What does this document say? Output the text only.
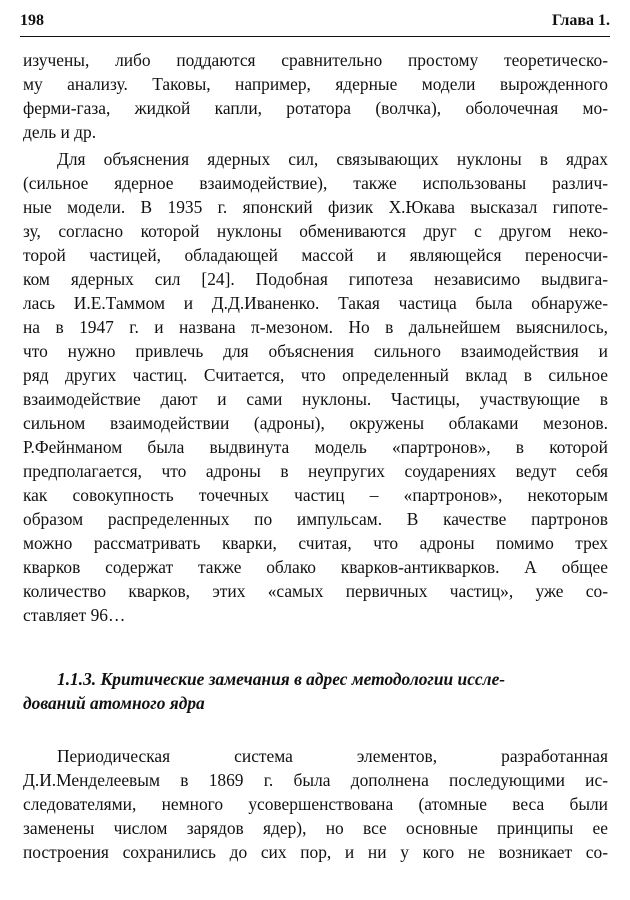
198	Глава 1.
изучены, либо поддаются сравнительно простому теоретическо-
му анализу. Таковы, например, ядерные модели вырожденного
ферми-газа, жидкой капли, ротатора (волчка), оболочечная мо-
дель и др.
Для объяснения ядерных сил, связывающих нуклоны в ядрах
(сильное ядерное взаимодействие), также использованы различ-
ные модели. В 1935 г. японский физик Х.Юкава высказал гипоте-
зу, согласно которой нуклоны обмениваются друг с другом неко-
торой частицей, обладающей массой и являющейся переносчи-
ком ядерных сил [24]. Подобная гипотеза независимо выдвига-
лась И.Е.Таммом и Д.Д.Иваненко. Такая частица была обнаруже-
на в 1947 г. и названа π-мезоном. Но в дальнейшем выяснилось,
что нужно привлечь для объяснения сильного взаимодействия и
ряд других частиц. Считается, что определенный вклад в сильное
взаимодействие дают и сами нуклоны. Частицы, участвующие в
сильном взаимодействии (адроны), окружены облаками мезонов.
Р.Фейнманом была выдвинута модель «партронов», в которой
предполагается, что адроны в неупругих соударениях ведут себя
как совокупность точечных частиц – «партронов», некоторым
образом распределенных по импульсам. В качестве партронов
можно рассматривать кварки, считая, что адроны помимо трех
кварков содержат также облако кварков-антикварков. А общее
количество кварков, этих «самых первичных частиц», уже со-
ставляет 96…
1.1.3. Критические замечания в адрес методологии иссле-
дований атомного ядра
Периодическая система элементов, разработанная
Д.И.Менделеевым в 1869 г. была дополнена последующими ис-
следователями, немного усовершенствована (атомные веса были
заменены числом зарядов ядер), но все основные принципы ее
построения сохранились до сих пор, и ни у кого не возникает со-
